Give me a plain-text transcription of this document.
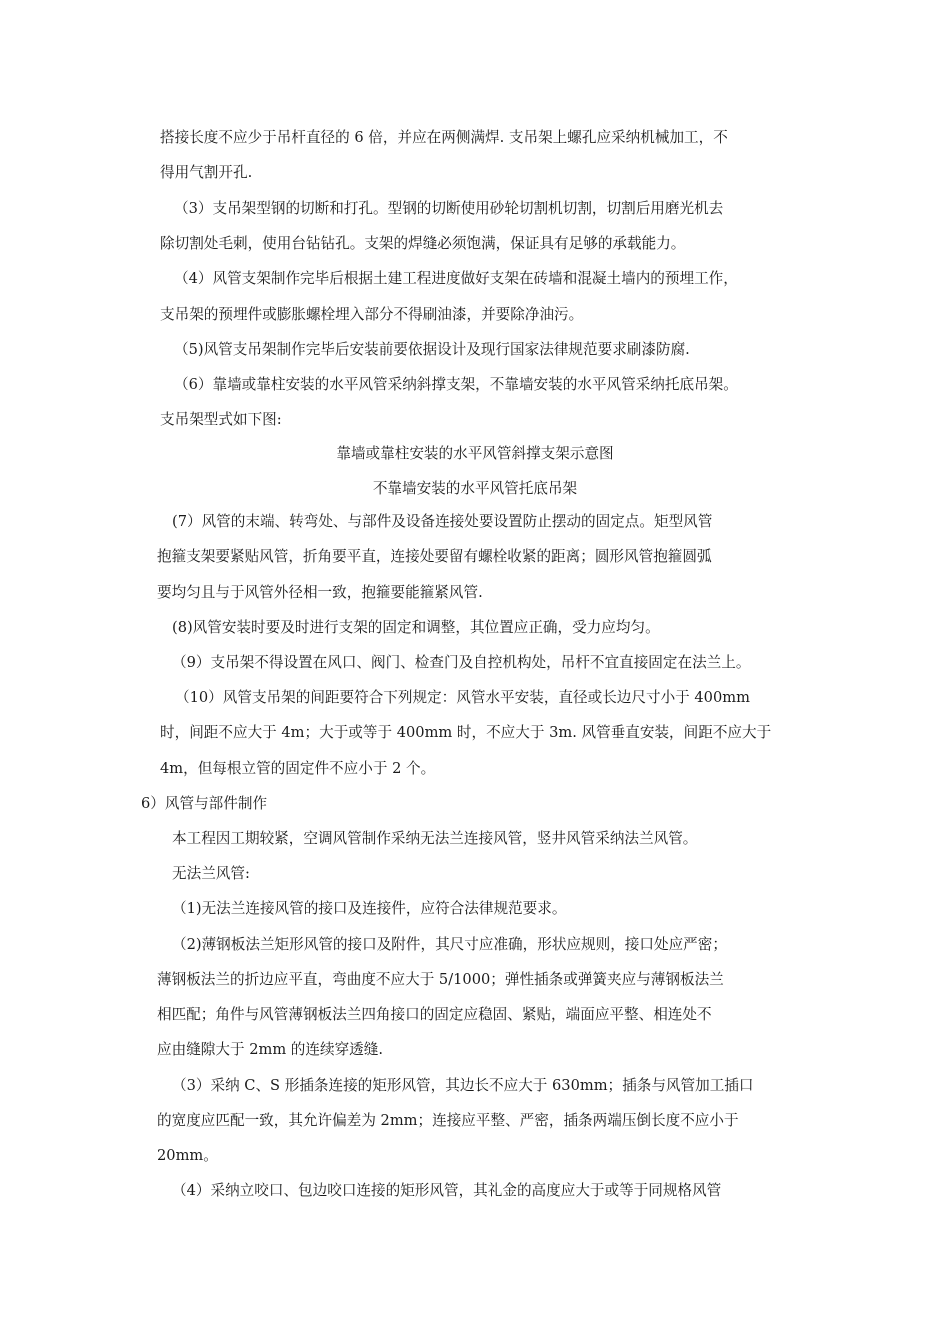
搭接长度不应少于吊杆直径的 6 倍，并应在两侧满焊. 支吊架上螺孔应采纳机械加工，不
得用气割开孔.
（3）支吊架型钢的切断和打孔。型钢的切断使用砂轮切割机切割，切割后用磨光机去
除切割处毛刺，使用台钻钻孔。支架的焊缝必须饱满，保证具有足够的承载能力。
（4）风管支架制作完毕后根据土建工程进度做好支架在砖墙和混凝土墙内的预埋工作，
支吊架的预埋件或膨胀螺栓埋入部分不得刷油漆，并要除净油污。
（5)风管支吊架制作完毕后安装前要依据设计及现行国家法律规范要求刷漆防腐.
（6）靠墙或靠柱安装的水平风管采纳斜撑支架，不靠墙安装的水平风管采纳托底吊架。
支吊架型式如下图:
靠墙或靠柱安装的水平风管斜撑支架示意图
不靠墙安装的水平风管托底吊架
(7）风管的末端、转弯处、与部件及设备连接处要设置防止摆动的固定点。矩型风管
抱箍支架要紧贴风管，折角要平直，连接处要留有螺栓收紧的距离；圆形风管抱箍圆弧
要均匀且与于风管外径相一致，抱箍要能箍紧风管.
(8)风管安装时要及时进行支架的固定和调整，其位置应正确，受力应均匀。
（9）支吊架不得设置在风口、阀门、检查门及自控机构处，吊杆不宜直接固定在法兰上。
（10）风管支吊架的间距要符合下列规定：风管水平安装，直径或长边尺寸小于 400mm
时，间距不应大于 4m；大于或等于 400mm 时，不应大于 3m. 风管垂直安装，间距不应大于
4m，但每根立管的固定件不应小于 2 个。
6）风管与部件制作
本工程因工期较紧，空调风管制作采纳无法兰连接风管，竖井风管采纳法兰风管。
无法兰风管:
（1)无法兰连接风管的接口及连接件，应符合法律规范要求。
（2)薄钢板法兰矩形风管的接口及附件，其尺寸应准确，形状应规则，接口处应严密；
薄钢板法兰的折边应平直，弯曲度不应大于 5/1000；弹性插条或弹簧夹应与薄钢板法兰
相匹配；角件与风管薄钢板法兰四角接口的固定应稳固、紧贴，端面应平整、相连处不
应由缝隙大于 2mm 的连续穿透缝.
（3）采纳 C、S 形插条连接的矩形风管，其边长不应大于 630mm；插条与风管加工插口
的宽度应匹配一致，其允许偏差为 2mm；连接应平整、严密，插条两端压倒长度不应小于
20mm。
（4）采纳立咬口、包边咬口连接的矩形风管，其礼金的高度应大于或等于同规格风管
